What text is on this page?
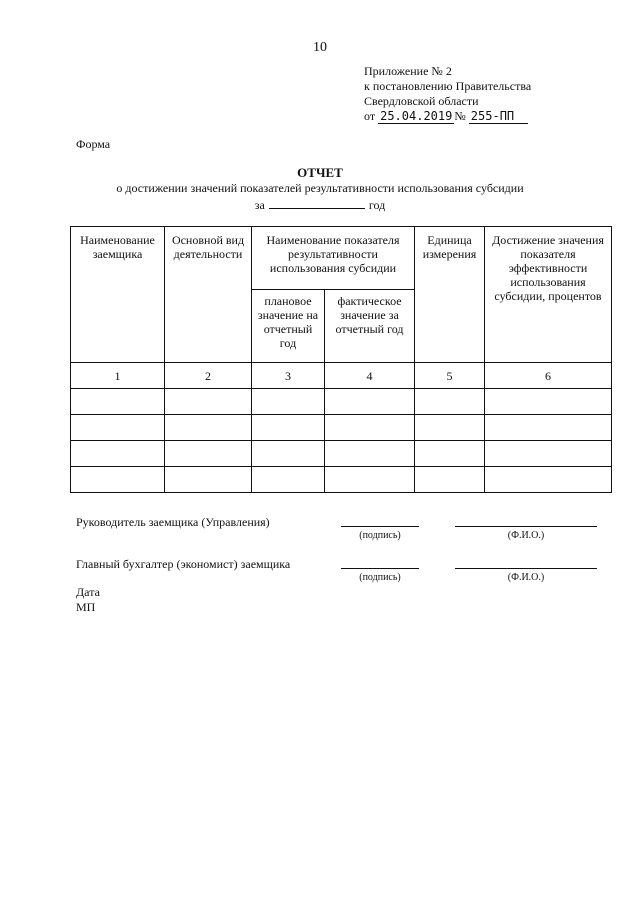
10
Приложение № 2
к постановлению Правительства
Свердловской области
от 25.04.2019 № 255-ПП
Форма
ОТЧЕТ
о достижении значений показателей результативности использования субсидии
за	год
Наименование заемщика	Основной вид деятельности	Наименование показателя результативности использования субсидии		Единица измерения	Достижение значения показателя эффективности использования субсидии, процентов
		плановое значение на отчетный год	фактическое значение за отчетный год		
1	2	3	4	5	6

Руководитель заемщика (Управления)
(подпись)	(Ф.И.О.)
Главный бухгалтер (экономист) заемщика
(подпись)	(Ф.И.О.)
Дата
МП
